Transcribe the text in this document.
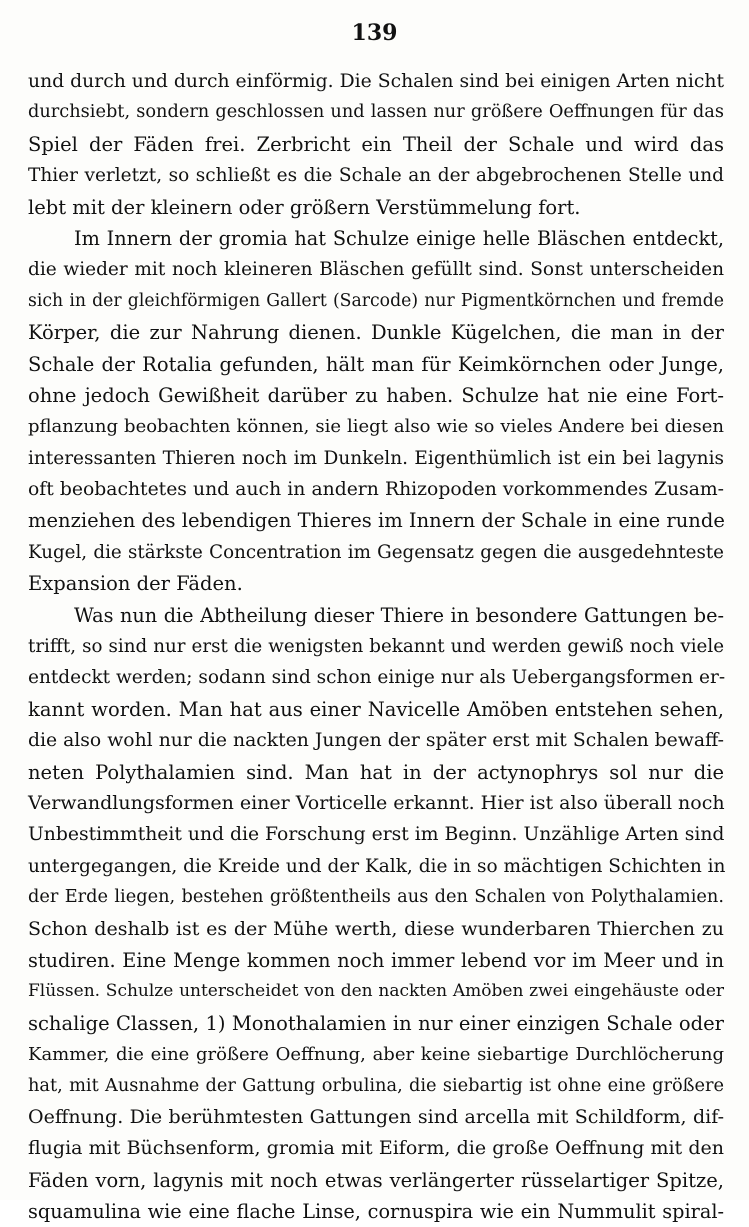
139
und durch und durch einförmig. Die Schalen sind bei einigen Arten nicht
durchsiebt, sondern geschlossen und lassen nur größere Oeffnungen für das
Spiel der Fäden frei. Zerbricht ein Theil der Schale und wird das
Thier verletzt, so schließt es die Schale an der abgebrochenen Stelle und
lebt mit der kleinern oder größern Verstümmelung fort.
Im Innern der gromia hat Schulze einige helle Bläschen entdeckt,
die wieder mit noch kleineren Bläschen gefüllt sind. Sonst unterscheiden
sich in der gleichförmigen Gallert (Sarcode) nur Pigmentkörnchen und fremde
Körper, die zur Nahrung dienen. Dunkle Kügelchen, die man in der
Schale der Rotalia gefunden, hält man für Keimkörnchen oder Junge,
ohne jedoch Gewißheit darüber zu haben. Schulze hat nie eine Fort-
pflanzung beobachten können, sie liegt also wie so vieles Andere bei diesen
interessanten Thieren noch im Dunkeln. Eigenthümlich ist ein bei lagynis
oft beobachtetes und auch in andern Rhizopoden vorkommendes Zusam-
menziehen des lebendigen Thieres im Innern der Schale in eine runde
Kugel, die stärkste Concentration im Gegensatz gegen die ausgedehnteste
Expansion der Fäden.
Was nun die Abtheilung dieser Thiere in besondere Gattungen be-
trifft, so sind nur erst die wenigsten bekannt und werden gewiß noch viele
entdeckt werden; sodann sind schon einige nur als Uebergangsformen er-
kannt worden. Man hat aus einer Navicelle Amöben entstehen sehen,
die also wohl nur die nackten Jungen der später erst mit Schalen bewaff-
neten Polythalamien sind. Man hat in der actynophrys sol nur die
Verwandlungsformen einer Vorticelle erkannt. Hier ist also überall noch
Unbestimmtheit und die Forschung erst im Beginn. Unzählige Arten sind
untergegangen, die Kreide und der Kalk, die in so mächtigen Schichten in
der Erde liegen, bestehen größtentheils aus den Schalen von Polythalamien.
Schon deshalb ist es der Mühe werth, diese wunderbaren Thierchen zu
studiren. Eine Menge kommen noch immer lebend vor im Meer und in
Flüssen. Schulze unterscheidet von den nackten Amöben zwei eingehäuste oder
schalige Classen, 1) Monothalamien in nur einer einzigen Schale oder
Kammer, die eine größere Oeffnung, aber keine siebartige Durchlöcherung
hat, mit Ausnahme der Gattung orbulina, die siebartig ist ohne eine größere
Oeffnung. Die berühmtesten Gattungen sind arcella mit Schildform, dif-
flugia mit Büchsenform, gromia mit Eiform, die große Oeffnung mit den
Fäden vorn, lagynis mit noch etwas verlängerter rüsselartiger Spitze,
squamulina wie eine flache Linse, cornuspira wie ein Nummulit spiral-
